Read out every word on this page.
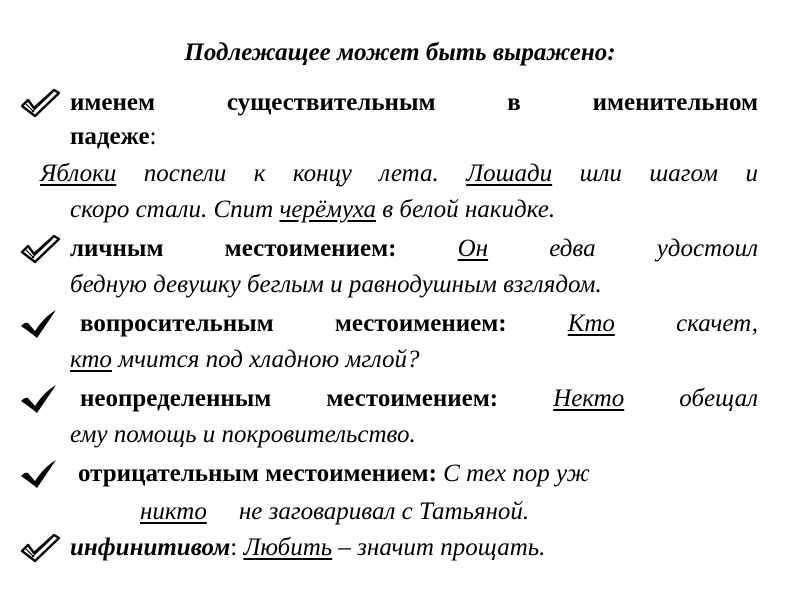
Подлежащее может быть выражено:
именем	существительным	в	именительном
падеже:
Яблоки поспели к концу лета. Лошади шли шагом и
скоро стали. Спит черёмуха в белой накидке.
личным местоимением: Он едва удостоил
бедную девушку беглым и равнодушным взглядом.
вопросительным местоимением: Кто скачет,
кто мчится под хладною мглой?
неопределенным местоимением: Некто обещал
ему помощь и покровительство.
отрицательным местоимением: С тех пор уж
никто не заговаривал с Татьяной.
инфинитивом: Любить – значит прощать.
